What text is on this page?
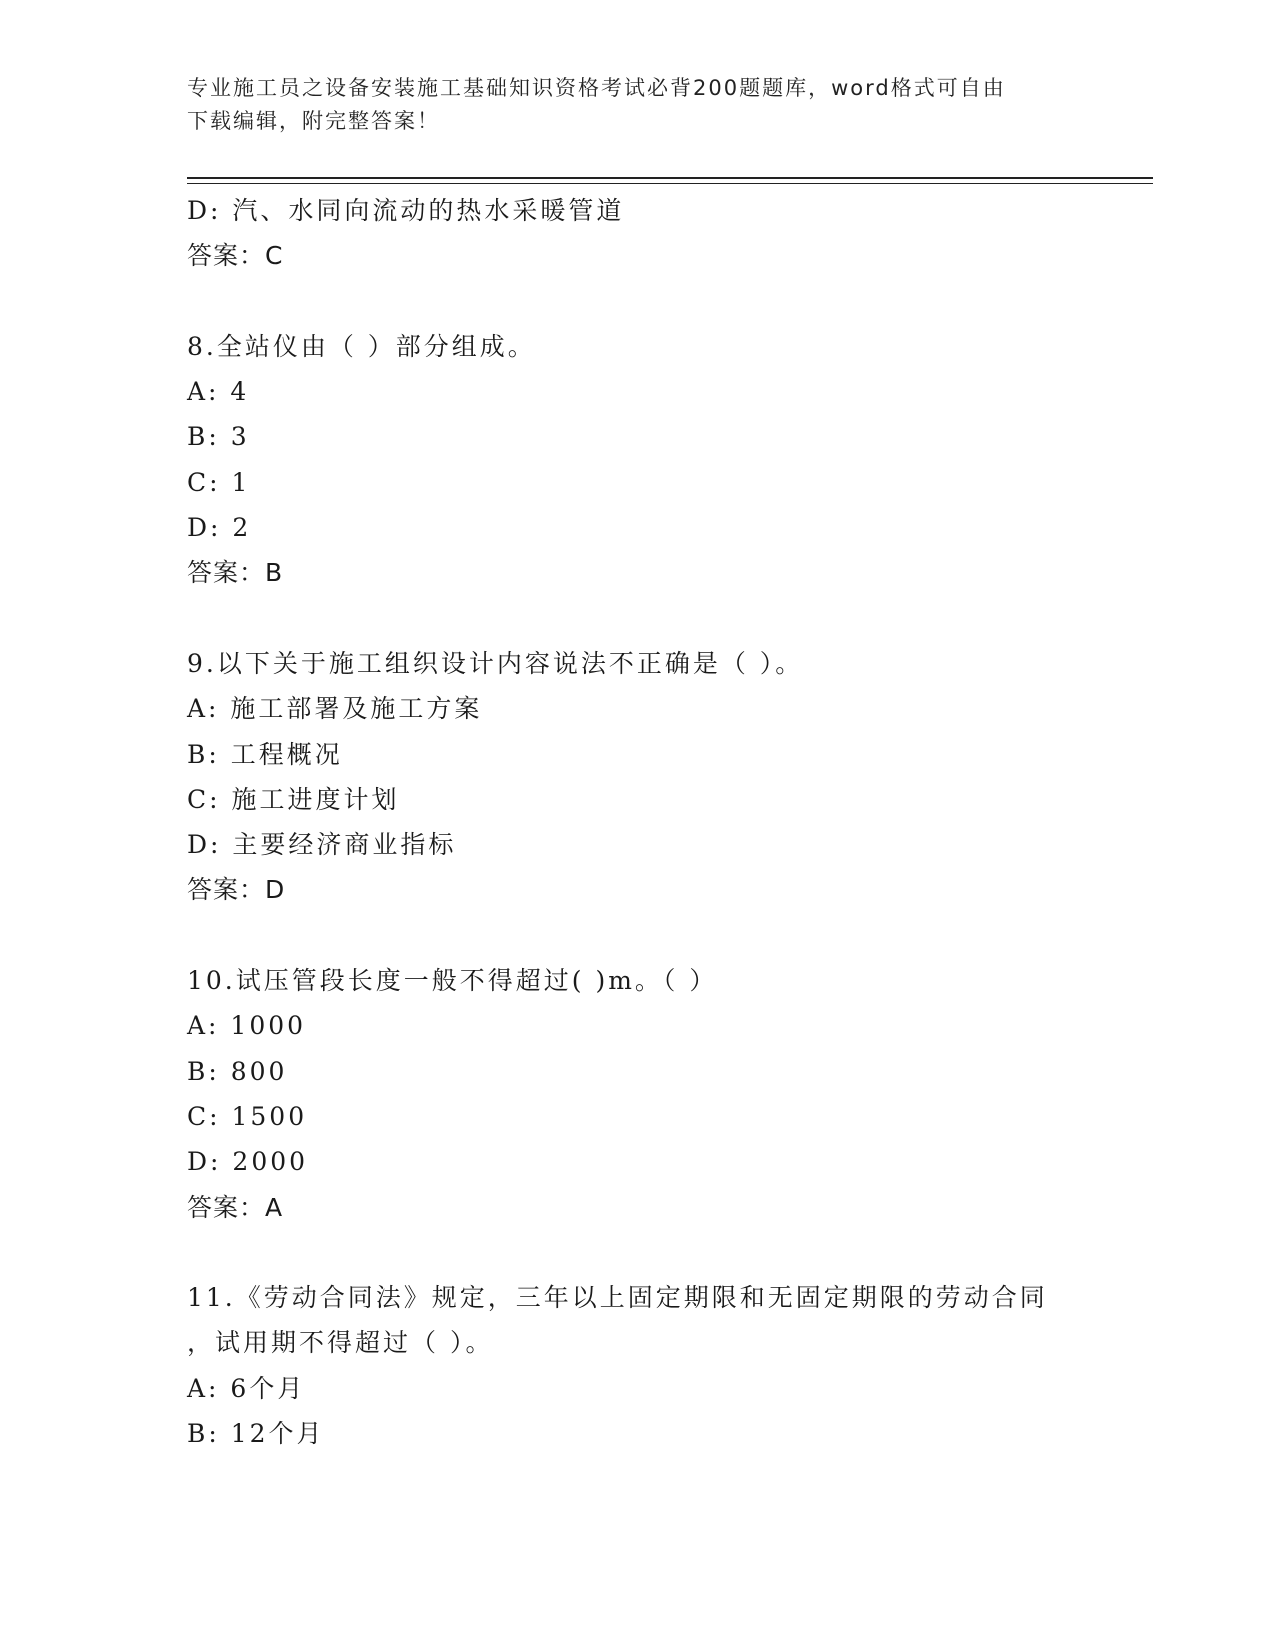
专业施工员之设备安装施工基础知识资格考试必背200题题库，word格式可自由
下载编辑，附完整答案！
D: 汽、水同向流动的热水采暖管道
答案：C
8.全站仪由（ ）部分组成。
A: 4
B: 3
C: 1
D: 2
答案：B
9.以下关于施工组织设计内容说法不正确是（ ）。
A: 施工部署及施工方案
B: 工程概况
C: 施工进度计划
D: 主要经济商业指标
答案：D
10.试压管段长度一般不得超过( )m。（ ）
A: 1000
B: 800
C: 1500
D: 2000
答案：A
11.《劳动合同法》规定，三年以上固定期限和无固定期限的劳动合同
，试用期不得超过（ ）。
A: 6个月
B: 12个月
